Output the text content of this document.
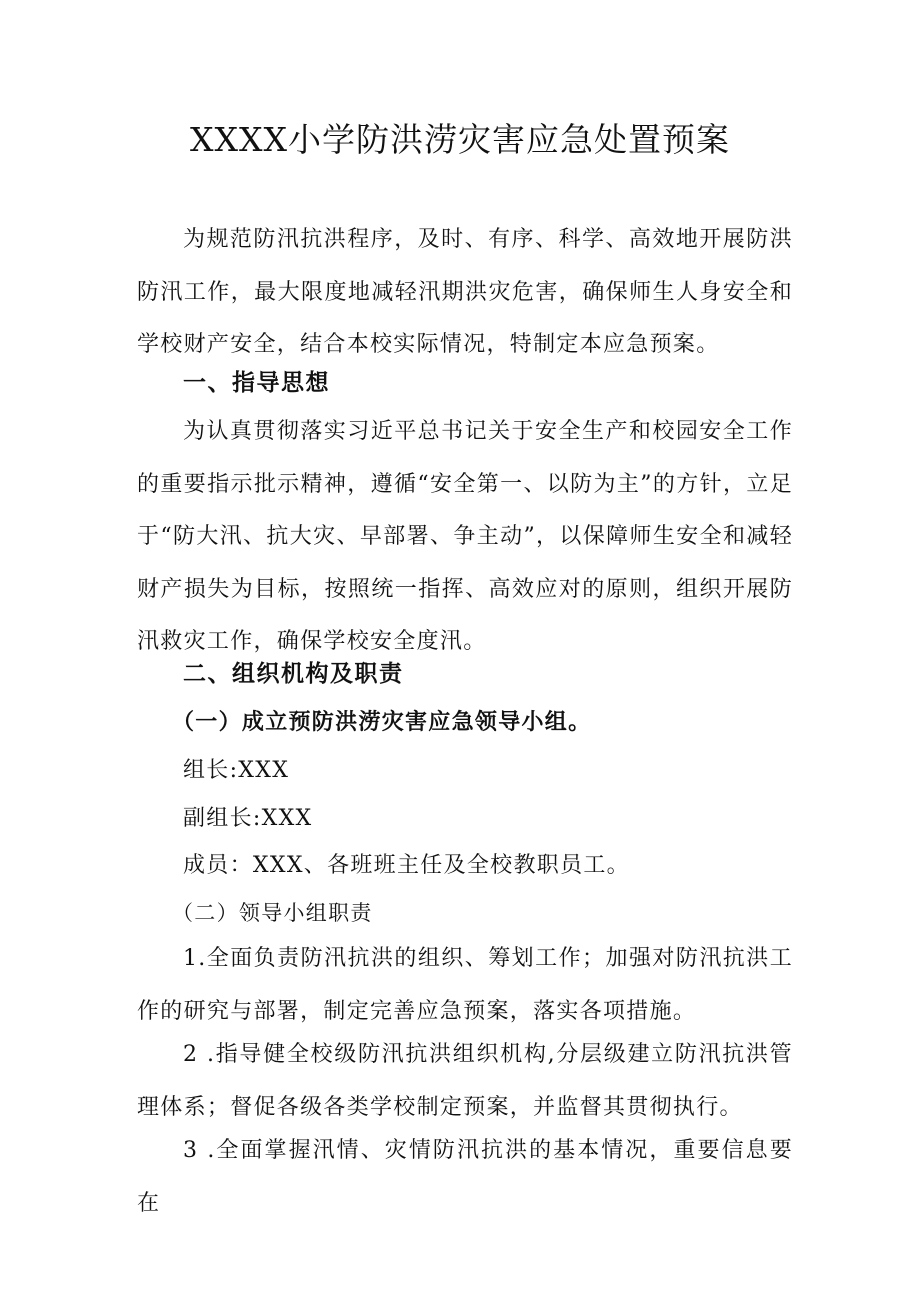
XXXX小学防洪涝灾害应急处置预案
为规范防汛抗洪程序，及时、有序、科学、高效地开展防洪防汛工作，最大限度地减轻汛期洪灾危害，确保师生人身安全和学校财产安全，结合本校实际情况，特制定本应急预案。
一、指导思想
为认真贯彻落实习近平总书记关于安全生产和校园安全工作的重要指示批示精神，遵循“安全第一、以防为主”的方针，立足于“防大汛、抗大灾、早部署、争主动”，以保障师生安全和减轻财产损失为目标，按照统一指挥、高效应对的原则，组织开展防汛救灾工作，确保学校安全度汛。
二、组织机构及职责
（一）成立预防洪涝灾害应急领导小组。
组长:XXX
副组长:XXX
成员：XXX、各班班主任及全校教职员工。
（二）领导小组职责
1.全面负责防汛抗洪的组织、筹划工作；加强对防汛抗洪工作的研究与部署，制定完善应急预案，落实各项措施。
2 .指导健全校级防汛抗洪组织机构,分层级建立防汛抗洪管理体系；督促各级各类学校制定预案，并监督其贯彻执行。
3 .全面掌握汛情、灾情防汛抗洪的基本情况，重要信息要在
